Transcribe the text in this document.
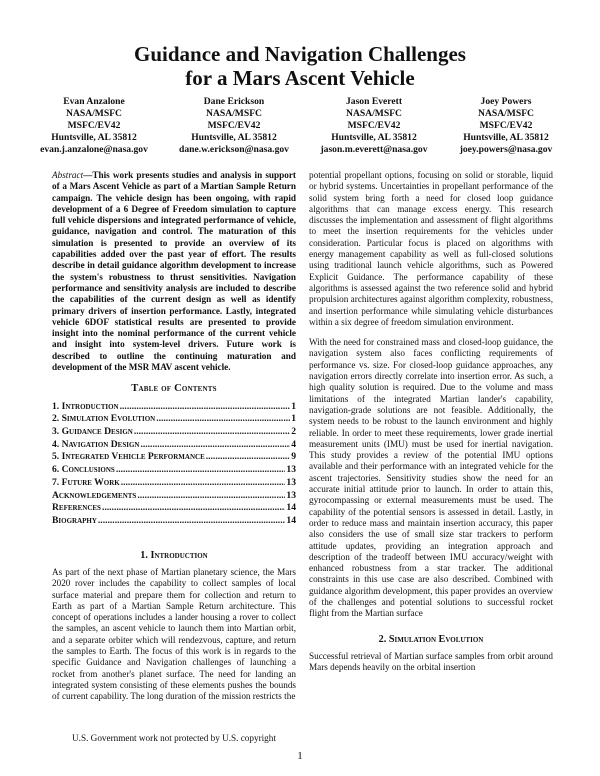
Guidance and Navigation Challenges
for a Mars Ascent Vehicle
Evan Anzalone
NASA/MSFC
MSFC/EV42
Huntsville, AL 35812
evan.j.anzalone@nasa.gov
Dane Erickson
NASA/MSFC
MSFC/EV42
Huntsville, AL 35812
dane.w.erickson@nasa.gov
Jason Everett
NASA/MSFC
MSFC/EV42
Huntsville, AL 35812
jason.m.everett@nasa.gov
Joey Powers
NASA/MSFC
MSFC/EV42
Huntsville, AL 35812
joey.powers@nasa.gov
Abstract—This work presents studies and analysis in support of a Mars Ascent Vehicle as part of a Martian Sample Return campaign. The vehicle design has been ongoing, with rapid development of a 6 Degree of Freedom simulation to capture full vehicle dispersions and integrated performance of vehicle, guidance, navigation and control. The maturation of this simulation is presented to provide an overview of its capabilities added over the past year of effort. The results describe in detail guidance algorithm development to increase the system's robustness to thrust sensitivities. Navigation performance and sensitivity analysis are included to describe the capabilities of the current design as well as identify primary drivers of insertion performance. Lastly, integrated vehicle 6DOF statistical results are presented to provide insight into the nominal performance of the current vehicle and insight into system-level drivers. Future work is described to outline the continuing maturation and development of the MSR MAV ascent vehicle.
Table of Contents
1. Introduction .....	1
2. Simulation Evolution .....	1
3. Guidance Design .....	2
4. Navigation Design .....	4
5. Integrated Vehicle Performance .....	9
6. Conclusions .....	13
7. Future Work .....	13
Acknowledgements .....	13
References .....	14
Biography .....	14
1. Introduction

As part of the next phase of Martian planetary science, the Mars 2020 rover includes the capability to collect samples of local surface material and prepare them for collection and return to Earth as part of a Martian Sample Return architecture. This concept of operations includes a lander housing a rover to collect the samples, an ascent vehicle to launch them into Martian orbit, and a separate orbiter which will rendezvous, capture, and return the samples to Earth. The focus of this work is in regards to the specific Guidance and Navigation challenges of launching a rocket from another's planet surface. The need for landing an integrated system consisting of these elements pushes the bounds of current capability. The long duration of the mission restricts the

potential propellant options, focusing on solid or storable, liquid or hybrid systems. Uncertainties in propellant performance of the solid system bring forth a need for closed loop guidance algorithms that can manage excess energy. This research discusses the implementation and assessment of flight algorithms to meet the insertion requirements for the vehicles under consideration. Particular focus is placed on algorithms with energy management capability as well as full-closed solutions using traditional launch vehicle algorithms, such as Powered Explicit Guidance. The performance capability of these algorithms is assessed against the two reference solid and hybrid propulsion architectures against algorithm complexity, robustness, and insertion performance while simulating vehicle disturbances within a six degree of freedom simulation environment.

With the need for constrained mass and closed-loop guidance, the navigation system also faces conflicting requirements of performance vs. size. For closed-loop guidance approaches, any navigation errors directly correlate into insertion error. As such, a high quality solution is required. Due to the volume and mass limitations of the integrated Martian lander's capability, navigation-grade solutions are not feasible. Additionally, the system needs to be robust to the launch environment and highly reliable. In order to meet these requirements, lower grade inertial measurement units (IMU) must be used for inertial navigation. This study provides a review of the potential IMU options available and their performance with an integrated vehicle for the ascent trajectories. Sensitivity studies show the need for an accurate initial attitude prior to launch. In order to attain this, gyrocompassing or external measurements must be used. The capability of the potential sensors is assessed in detail. Lastly, in order to reduce mass and maintain insertion accuracy, this paper also considers the use of small size star trackers to perform attitude updates, providing an integration approach and description of the tradeoff between IMU accuracy/weight with enhanced robustness from a star tracker. The additional constraints in this use case are also described. Combined with guidance algorithm development, this paper provides an overview of the challenges and potential solutions to successful rocket flight from the Martian surface

2. Simulation Evolution

Successful retrieval of Martian surface samples from orbit around Mars depends heavily on the orbital insertion

U.S. Government work not protected by U.S. copyright
1
